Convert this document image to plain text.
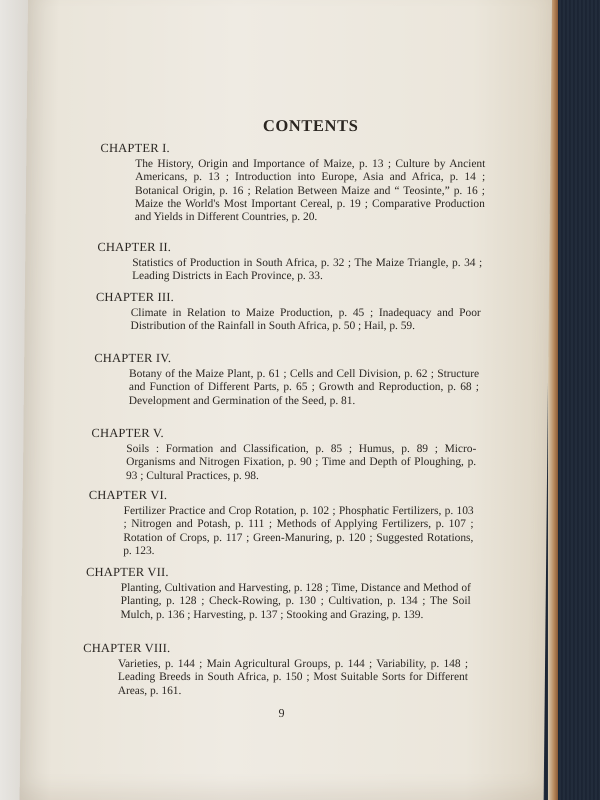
CONTENTS
CHAPTER I.
The History, Origin and Importance of Maize, p. 13 ; Culture by Ancient Americans, p. 13 ; Introduction into Europe, Asia and Africa, p. 14 ; Botanical Origin, p. 16 ; Relation Between Maize and “ Teosinte,” p. 16 ; Maize the World's Most Important Cereal, p. 19 ; Comparative Production and Yields in Different Countries, p. 20.
CHAPTER II.
Statistics of Production in South Africa, p. 32 ; The Maize Triangle, p. 34 ; Leading Districts in Each Province, p. 33.
CHAPTER III.
Climate in Relation to Maize Production, p. 45 ; Inadequacy and Poor Distribution of the Rainfall in South Africa, p. 50 ; Hail, p. 59.
CHAPTER IV.
Botany of the Maize Plant, p. 61 ; Cells and Cell Division, p. 62 ; Structure and Function of Different Parts, p. 65 ; Growth and Reproduction, p. 68 ; Development and Germination of the Seed, p. 81.
CHAPTER V.
Soils : Formation and Classification, p. 85 ; Humus, p. 89 ; Micro-Organisms and Nitrogen Fixation, p. 90 ; Time and Depth of Ploughing, p. 93 ; Cultural Practices, p. 98.
CHAPTER VI.
Fertilizer Practice and Crop Rotation, p. 102 ; Phosphatic Fertilizers, p. 103 ; Nitrogen and Potash, p. 111 ; Methods of Applying Fertilizers, p. 107 ; Rotation of Crops, p. 117 ; Green-Manuring, p. 120 ; Suggested Rotations, p. 123.
CHAPTER VII.
Planting, Cultivation and Harvesting, p. 128 ; Time, Distance and Method of Planting, p. 128 ; Check-Rowing, p. 130 ; Cultivation, p. 134 ; The Soil Mulch, p. 136 ; Harvesting, p. 137 ; Stooking and Grazing, p. 139.
CHAPTER VIII.
Varieties, p. 144 ; Main Agricultural Groups, p. 144 ; Variability, p. 148 ; Leading Breeds in South Africa, p. 150 ; Most Suitable Sorts for Different Areas, p. 161.
9
